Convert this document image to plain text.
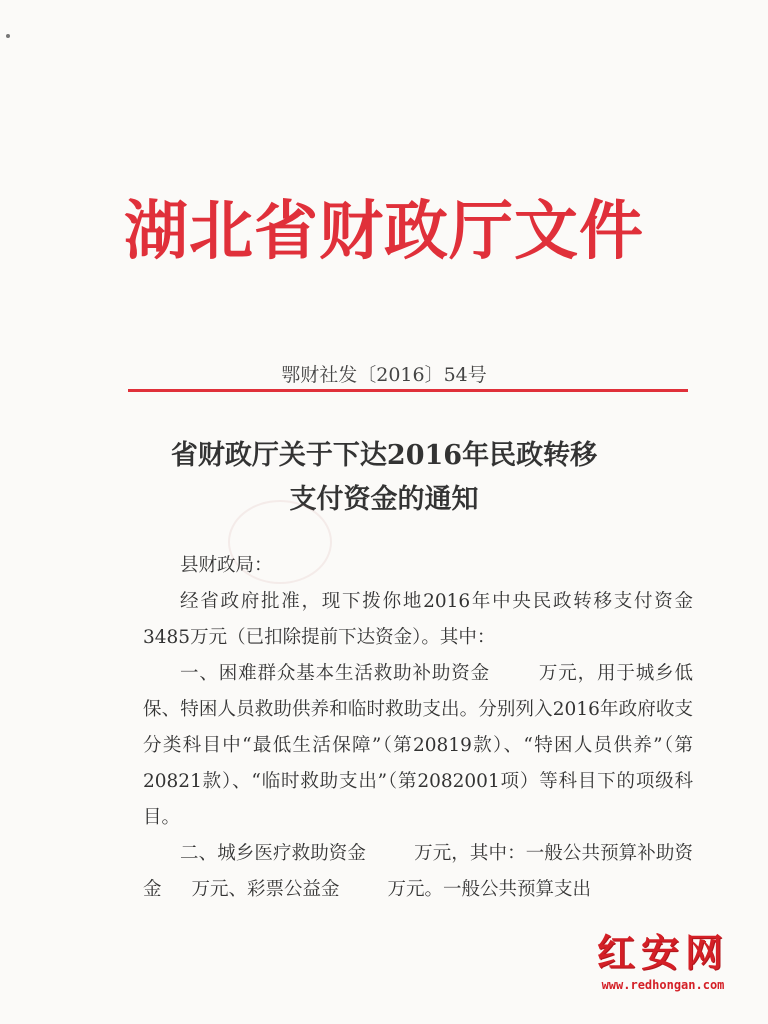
湖北省财政厅文件
鄂财社发〔2016〕54号
省财政厅关于下达2016年民政转移
支付资金的通知

县财政局：

经省政府批准，现下拨你地2016年中央民政转移支付资金3485万元（已扣除提前下达资金）。其中：

一、困难群众基本生活救助补助资金	万元，用于城乡低保、特困人员救助供养和临时救助支出。分别列入2016年政府收支分类科目中“最低生活保障”（第20819款）、“特困人员供养”（第20821款）、“临时救助支出”（第2082001项）等科目下的项级科目。

二、城乡医疗救助资金	万元，其中：一般公共预算补助资金 万元、彩票公益金	万元。一般公共预算支出

红安网
www.redhongan.com
